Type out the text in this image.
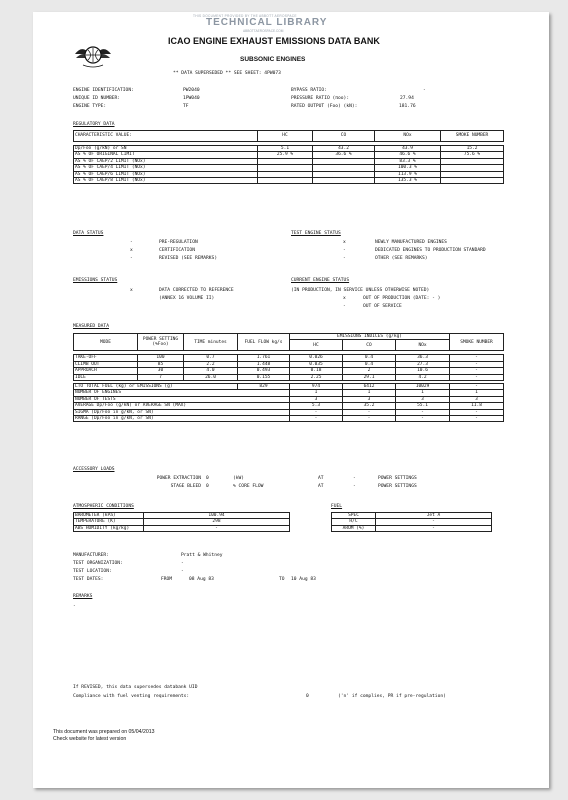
THIS DOCUMENT PROVIDED BY THE ABBOTT AEROSPACE
TECHNICAL LIBRARY
ABBOTTAEROSPACE.COM
ICAO ENGINE EXHAUST EMISSIONS DATA BANK
SUBSONIC ENGINES
** DATA SUPERSEDED ** SEE SHEET: 4PW073
ENGINE IDENTIFICATION:	PW2040
UNIQUE ID NUMBER:	1PW040
ENGINE TYPE:	TF
BYPASS RATIO:	-
PRESSURE RATIO (πoo):	27.94
RATED OUTPUT (Foo) (kN):	181.76
REGULATORY DATA
CHARACTERISTIC VALUE:	HC	CO	NOx	SMOKE NUMBER

Dp/Foo (g/kN) or SN	5.1	43.2	43.9	15.2
AS % OF ORIGINAL LIMIT	25.9 %	36.6 %	46.6 %	75.6 %
AS % OF CAEP/2 LIMIT (NOx)			83.3 %	
AS % OF CAEP/4 LIMIT (NOx)			100.3 %	
AS % OF CAEP/6 LIMIT (NOx)			113.9 %	
AS % OF CAEP/8 LIMIT (NOx)			135.3 %	
DATA STATUS
-	PRE-REGULATION
x	CERTIFICATION
-	REVISED (SEE REMARKS)
TEST ENGINE STATUS
x	NEWLY MANUFACTURED ENGINES
-	DEDICATED ENGINES TO PRODUCTION STANDARD
-	OTHER (SEE REMARKS)
EMISSIONS STATUS
x	DATA CORRECTED TO REFERENCE
(ANNEX 16 VOLUME II)
CURRENT ENGINE STATUS
(IN PRODUCTION, IN SERVICE UNLESS OTHERWISE NOTED)
x	OUT OF PRODUCTION (DATE: - )
-	OUT OF SERVICE
MEASURED DATA
MODE	POWER SETTING (%Foo)	TIME minutes	FUEL FLOW kg/s	EMISSIONS INDICES (g/kg)			SMOKE NUMBER
				HC	CO	NOx	

TAKE-OFF	100	0.7	1.761	0.026	0.4	36.3	-
CLIMB OUT	85	2.2	1.448	0.035	0.4	27.3	-
APPROACH	30	4.0	0.493	0.18	2	10.6	-
IDLE	7	26.0	0.155	2.25	29.1	4.2	-

LTO TOTAL FUEL (kg) or EMISSIONS (g)			829	974	6412	10029	-
NUMBER OF ENGINES				1	1	1	1
NUMBER OF TESTS				3	3	3	3
AVERAGE Dp/Foo (g/kN) or AVERAGE SN (MAX)				5.3	35.2	55.1	11.8
SIGMA (Dp/Foo in g/kN, or SN)				-	-	-	-
RANGE (Dp/Foo in g/kN, or SN)				-	-	-	-
ACCESSORY LOADS
POWER EXTRACTION 0	(kW)	AT	-	POWER SETTINGS
STAGE BLEED 0	% CORE FLOW	AT	-	POWER SETTINGS
ATMOSPHERIC CONDITIONS
BAROMETER (kPa)	100.94
TEMPERATURE (K)	298
ABS HUMIDITY (kg/kg)	-
FUEL
SPEC	Jet A
H/C	-
AROM (%)	-
MANUFACTURER:	Pratt & Whitney
TEST ORGANIZATION:	-
TEST LOCATION:	-
TEST DATES:	FROM	08 Aug 83	TO 10 Aug 83
REMARKS
-
If REVISED, this data supersedes databank UID
Compliance with fuel venting requirements:	0	('n' if complies, PR if pre-regulation)
This document was prepared on 05/04/2013
Check website for latest version
